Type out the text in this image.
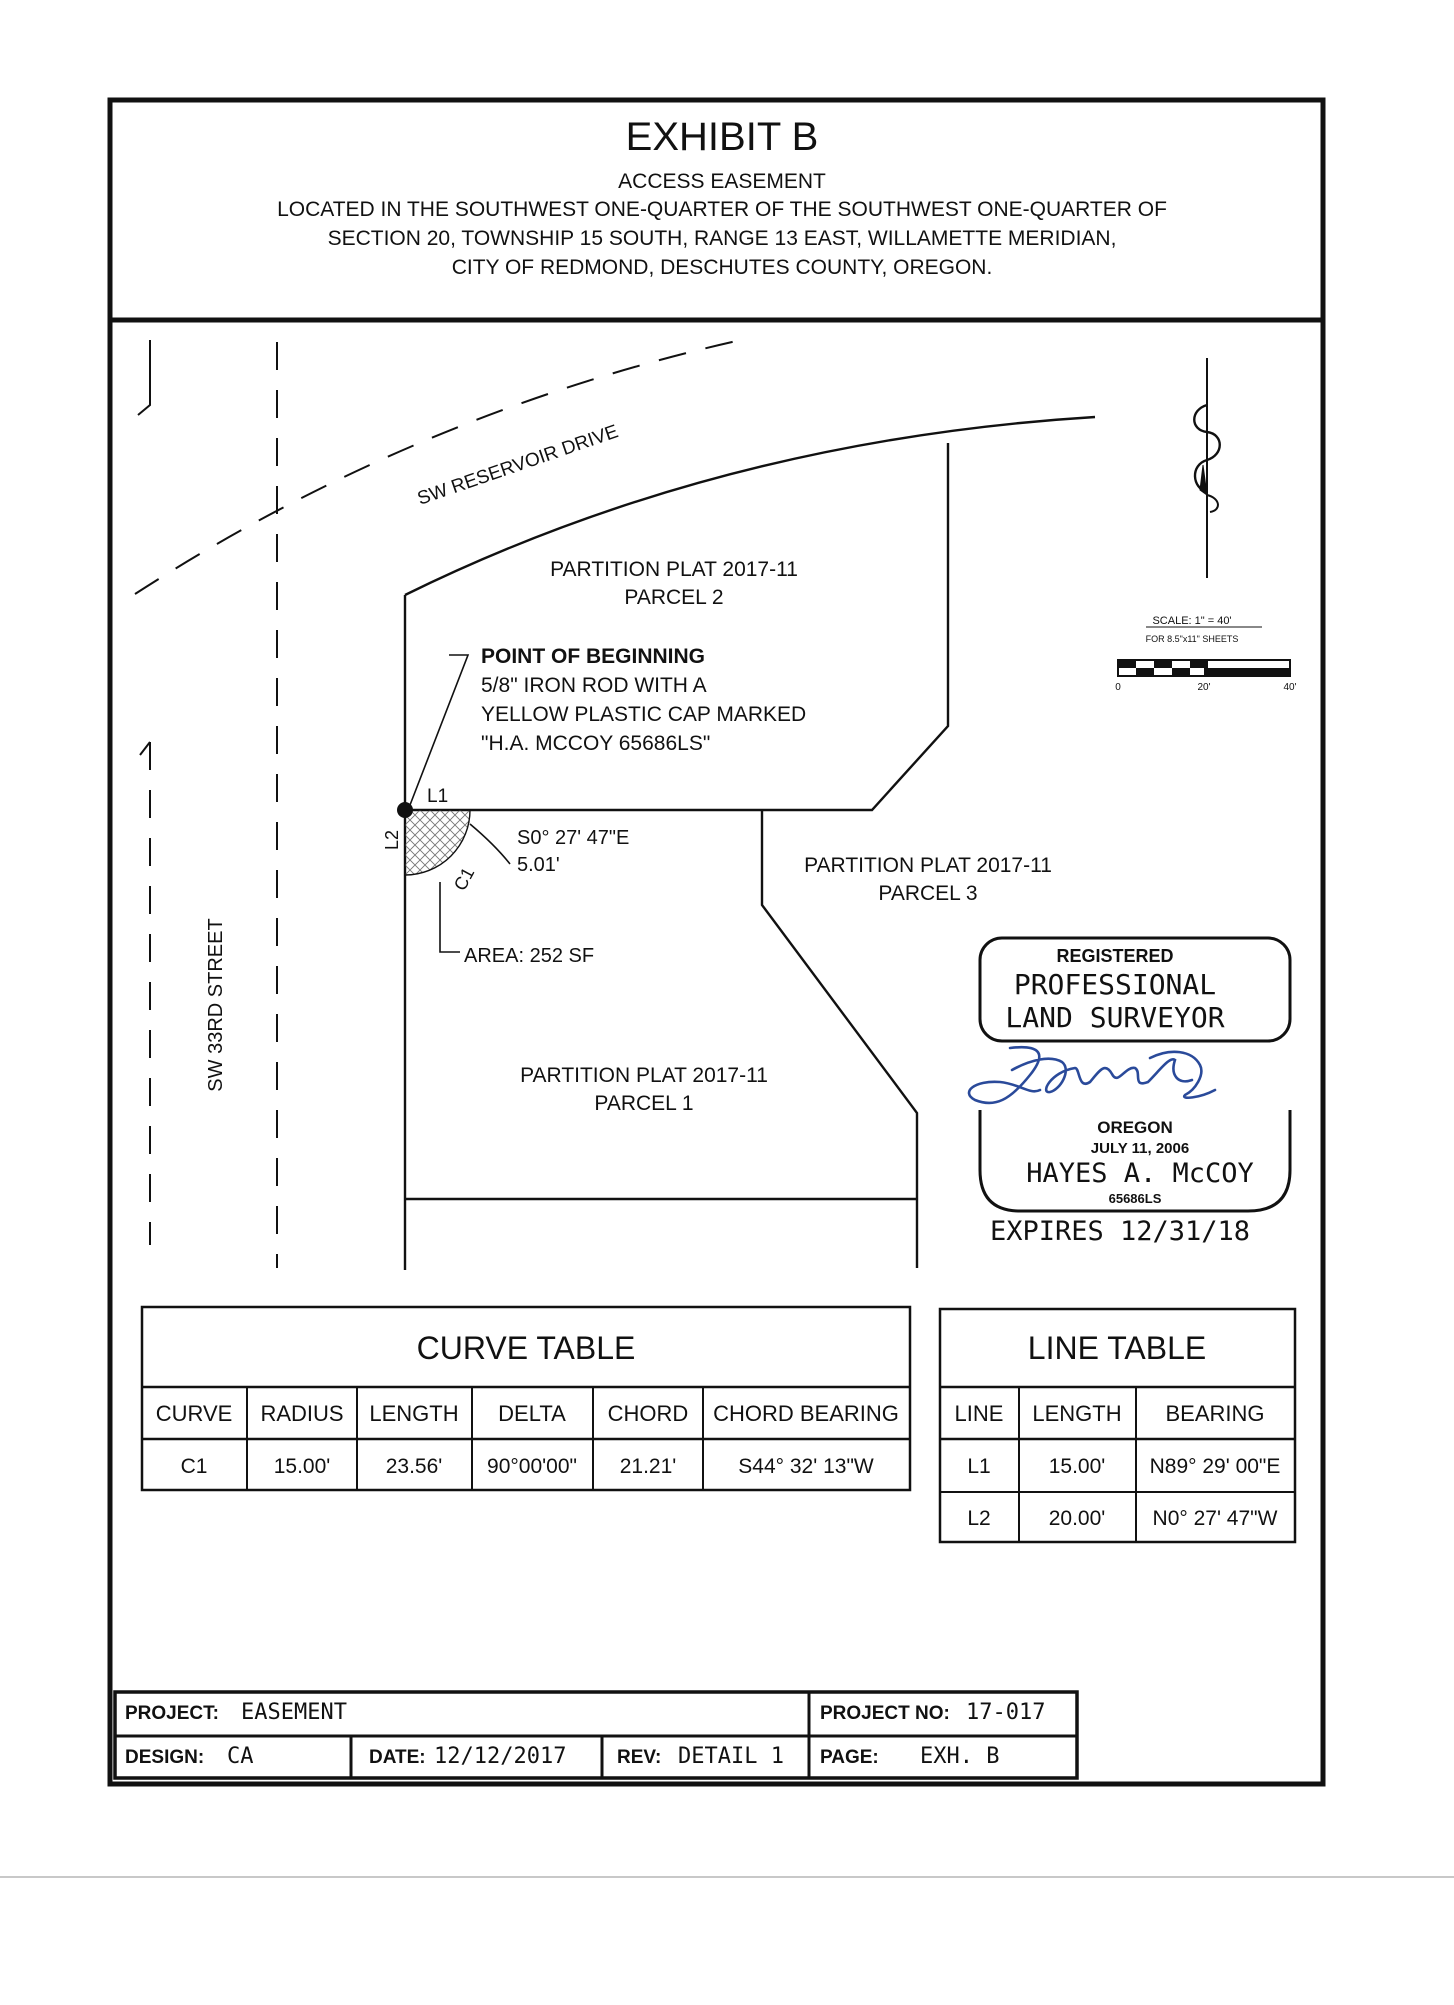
EXHIBIT B
ACCESS EASEMENT
LOCATED IN THE SOUTHWEST ONE-QUARTER OF THE SOUTHWEST ONE-QUARTER OF
SECTION 20, TOWNSHIP 15 SOUTH, RANGE 13 EAST, WILLAMETTE MERIDIAN,
CITY OF REDMOND, DESCHUTES COUNTY, OREGON.
SW RESERVOIR DRIVE
SW 33RD STREET
PARTITION PLAT 2017-11
PARCEL 2
PARTITION PLAT 2017-11
PARCEL 3
PARTITION PLAT 2017-11
PARCEL 1
POINT OF BEGINNING
5/8" IRON ROD WITH A
YELLOW PLASTIC CAP MARKED
"H.A. MCCOY 65686LS"
L1
L2
C1
S0° 27' 47"E
5.01'
AREA: 252 SF
SCALE: 1" = 40'
FOR 8.5"x11" SHEETS
0	20'	40'
REGISTERED
PROFESSIONAL
LAND SURVEYOR
OREGON
JULY 11, 2006
HAYES A. McCOY
65686LS
EXPIRES 12/31/18
CURVE TABLE
CURVE RADIUS LENGTH DELTA CHORD CHORD BEARING
C1	15.00'	23.56' 90°00'00" 21.21'	S44° 32' 13"W
LINE TABLE
LINE LENGTH BEARING
L1	15.00' N89° 29' 00"E
L2	20.00' N0° 27' 47"W
PROJECT: EASEMENT	PROJECT NO: 17-017
DESIGN: CA	DATE: 12/12/2017	REV: DETAIL 1 PAGE: EXH. B
